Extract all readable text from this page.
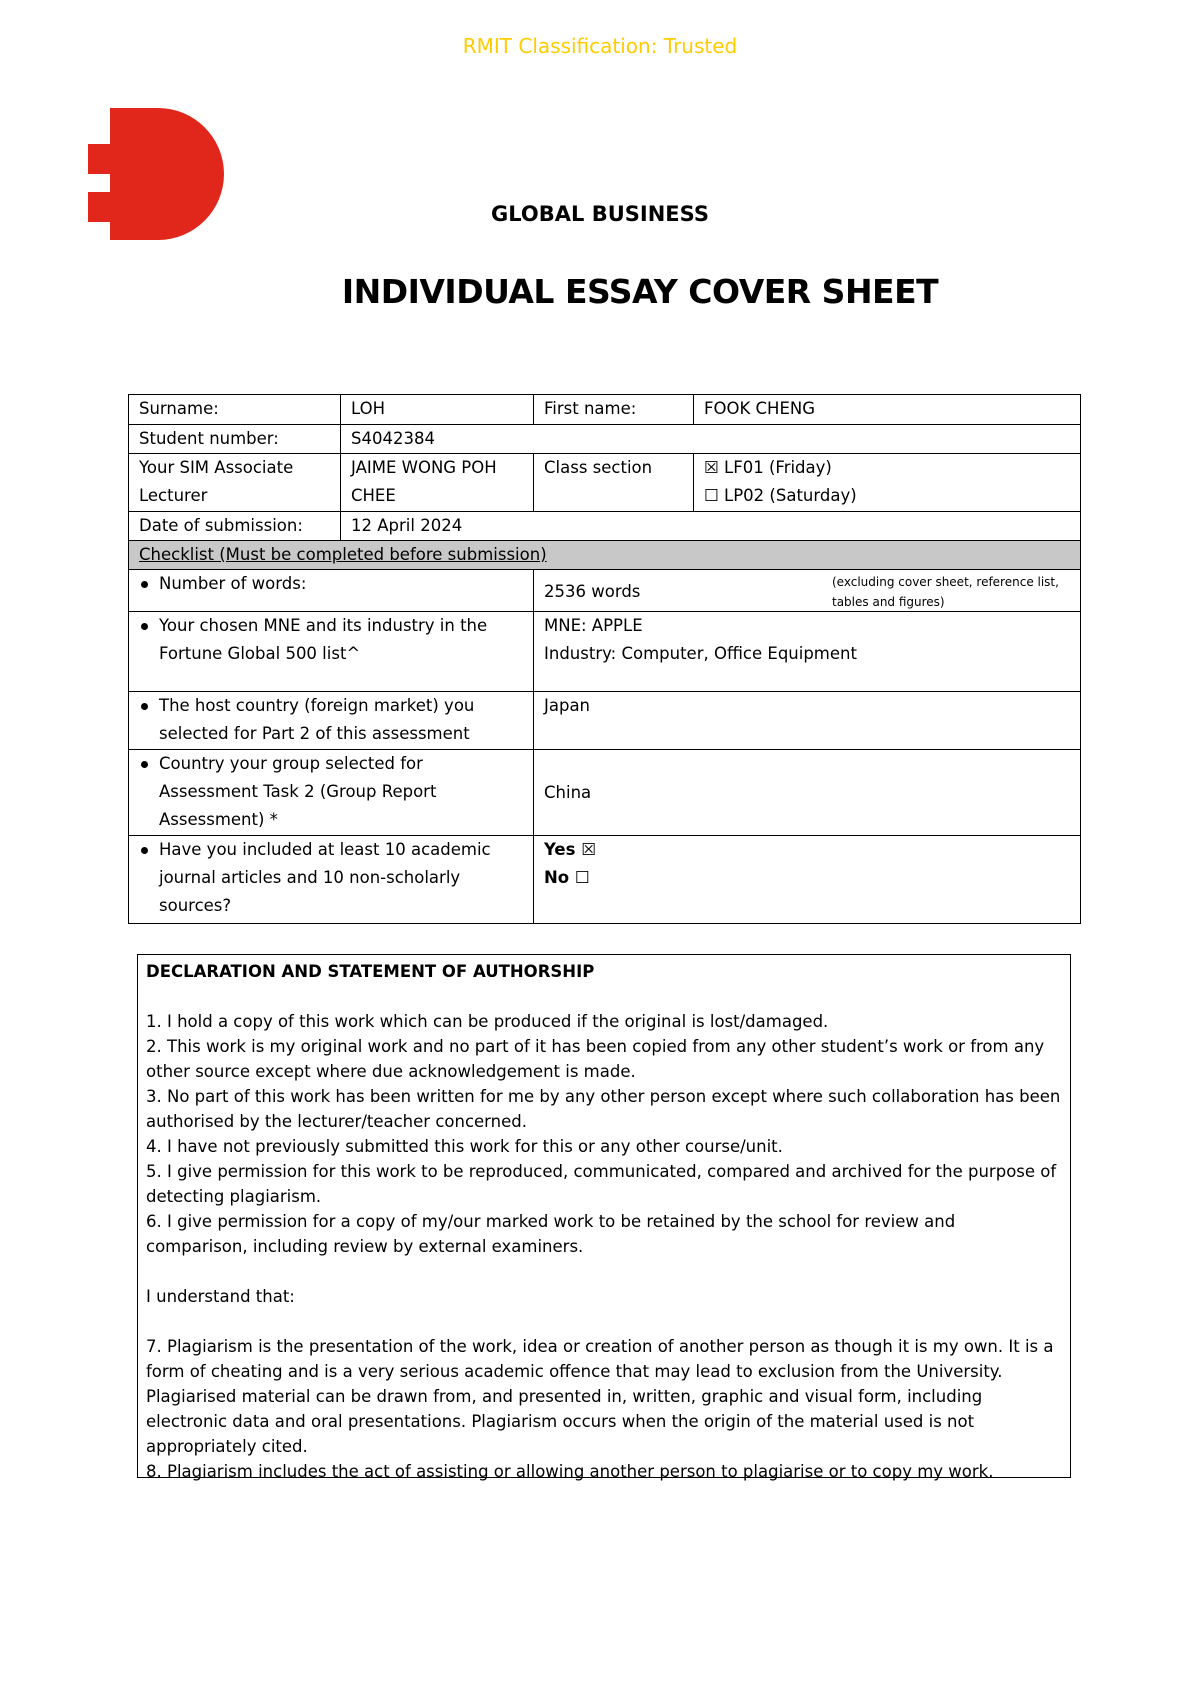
RMIT Classification: Trusted
GLOBAL BUSINESS
INDIVIDUAL ESSAY COVER SHEET
Surname:	LOH	First name:	FOOK CHENG
Student number:	S4042384		
Your SIM Associate Lecturer	JAIME WONG POH CHEE	Class section	☒ LF01 (Friday)
☐ LP02 (Saturday)

Date of submission:	12 April 2024		
Checklist (Must be completed before submission)			

Number of words:		2536 words (excluding cover sheet, reference list, tables and figures)	

Your chosen MNE and its industry in the Fortune Global 500 list^		MNE: APPLE
Industry: Computer, Office Equipment	

The host country (foreign market) you selected for Part 2 of this assessment		Japan	

Country your group selected for Assessment Task 2 (Group Report Assessment) *		China	

Have you included at least 10 academic journal articles and 10 non-scholarly sources?		Yes ☒
No ☐	

DECLARATION AND STATEMENT OF AUTHORSHIP

1. I hold a copy of this work which can be produced if the original is lost/damaged.

2. This work is my original work and no part of it has been copied from any other student’s work or from any other source except where due acknowledgement is made.

3. No part of this work has been written for me by any other person except where such collaboration has been authorised by the lecturer/teacher concerned.

4. I have not previously submitted this work for this or any other course/unit.

5. I give permission for this work to be reproduced, communicated, compared and archived for the purpose of detecting plagiarism.

6. I give permission for a copy of my/our marked work to be retained by the school for review and comparison, including review by external examiners.

I understand that:

7. Plagiarism is the presentation of the work, idea or creation of another person as though it is my own. It is a form of cheating and is a very serious academic offence that may lead to exclusion from the University. Plagiarised material can be drawn from, and presented in, written, graphic and visual form, including electronic data and oral presentations. Plagiarism occurs when the origin of the material used is not appropriately cited.

8. Plagiarism includes the act of assisting or allowing another person to plagiarise or to copy my work.
